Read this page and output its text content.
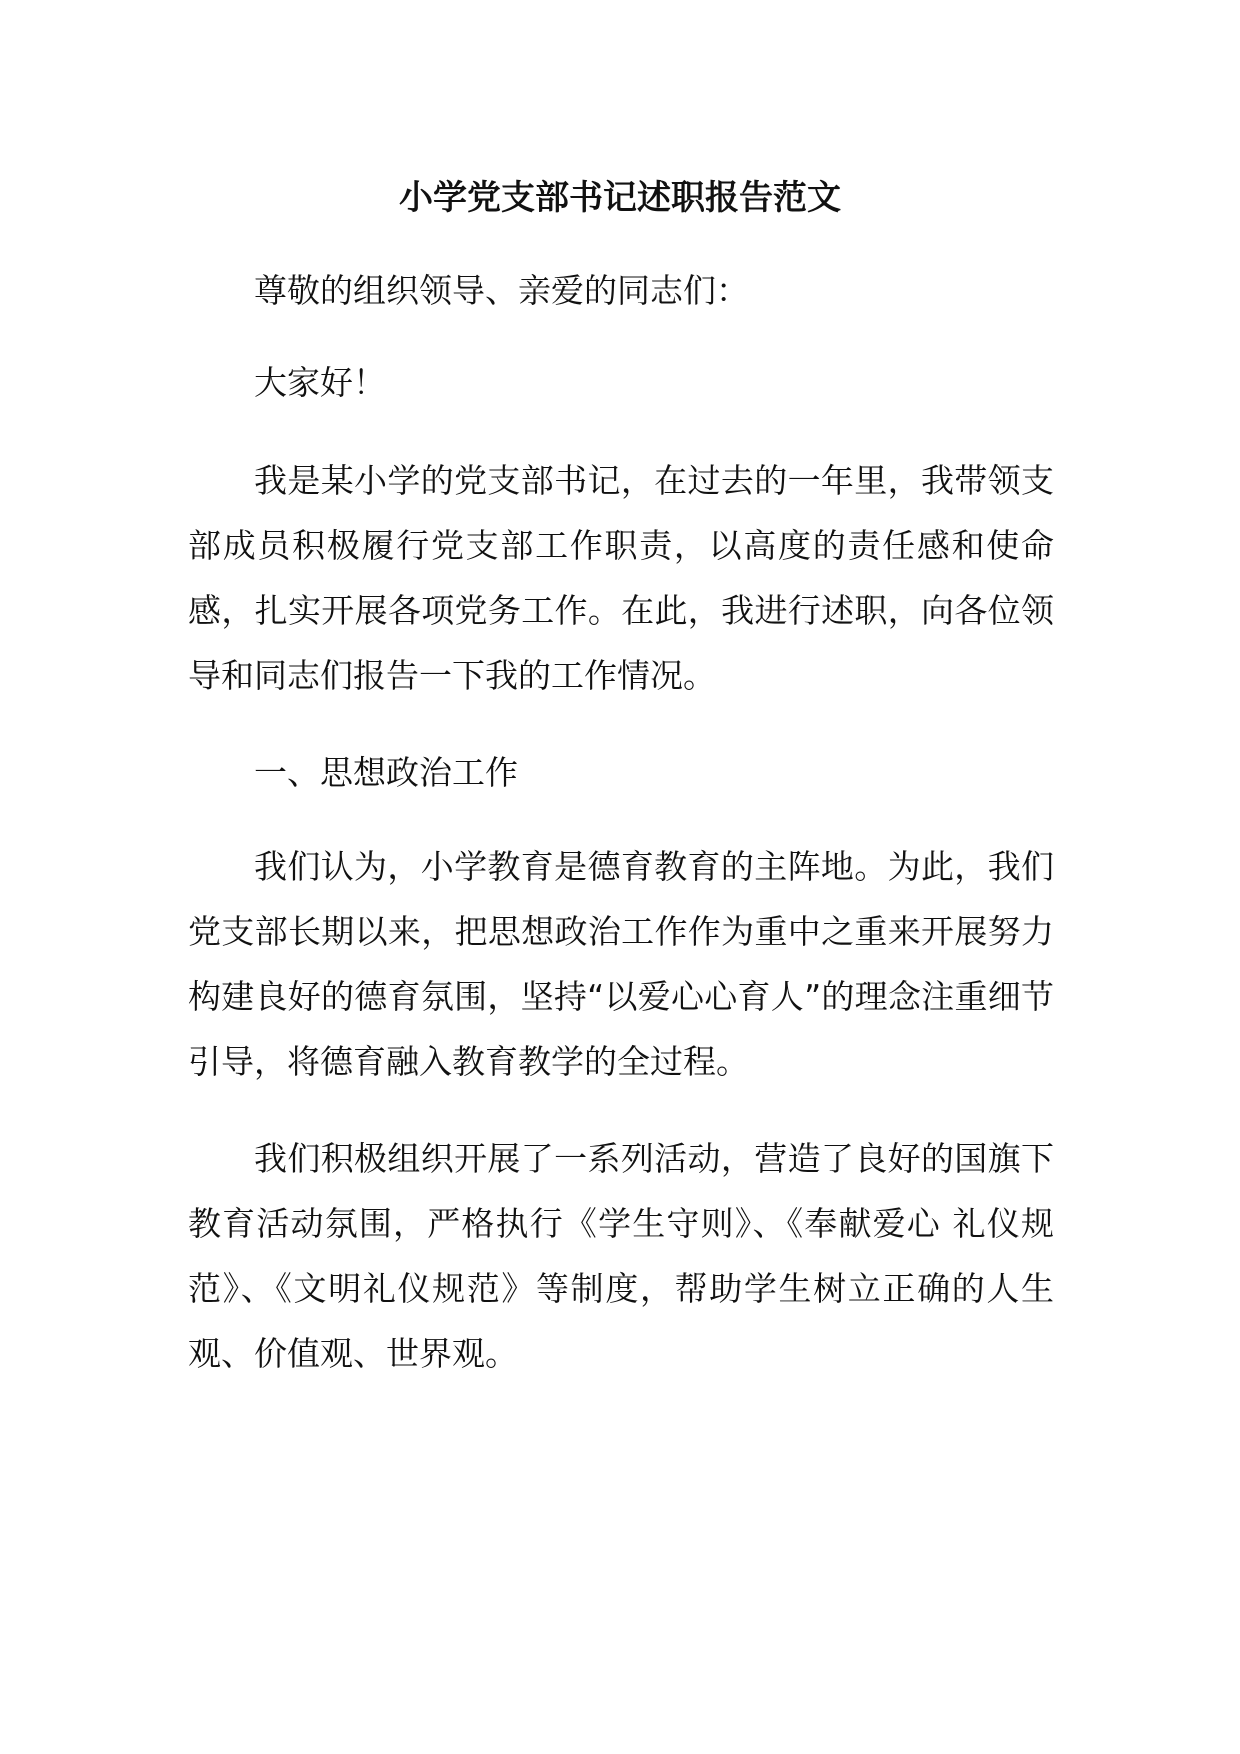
小学党支部书记述职报告范文

尊敬的组织领导、亲爱的同志们：

大家好！

我是某小学的党支部书记，在过去的一年里，我带领支部成员积极履行党支部工作职责，以高度的责任感和使命感，扎实开展各项党务工作。在此，我进行述职，向各位领导和同志们报告一下我的工作情况。

一、思想政治工作

我们认为，小学教育是德育教育的主阵地。为此，我们党支部长期以来，把思想政治工作作为重中之重来开展努力构建良好的德育氛围，坚持“以爱心心育人”的理念注重细节引导，将德育融入教育教学的全过程。

我们积极组织开展了一系列活动，营造了良好的国旗下教育活动氛围，严格执行《学生守则》、《奉献爱心 礼仪规范》、《文明礼仪规范》等制度，帮助学生树立正确的人生观、价值观、世界观。
